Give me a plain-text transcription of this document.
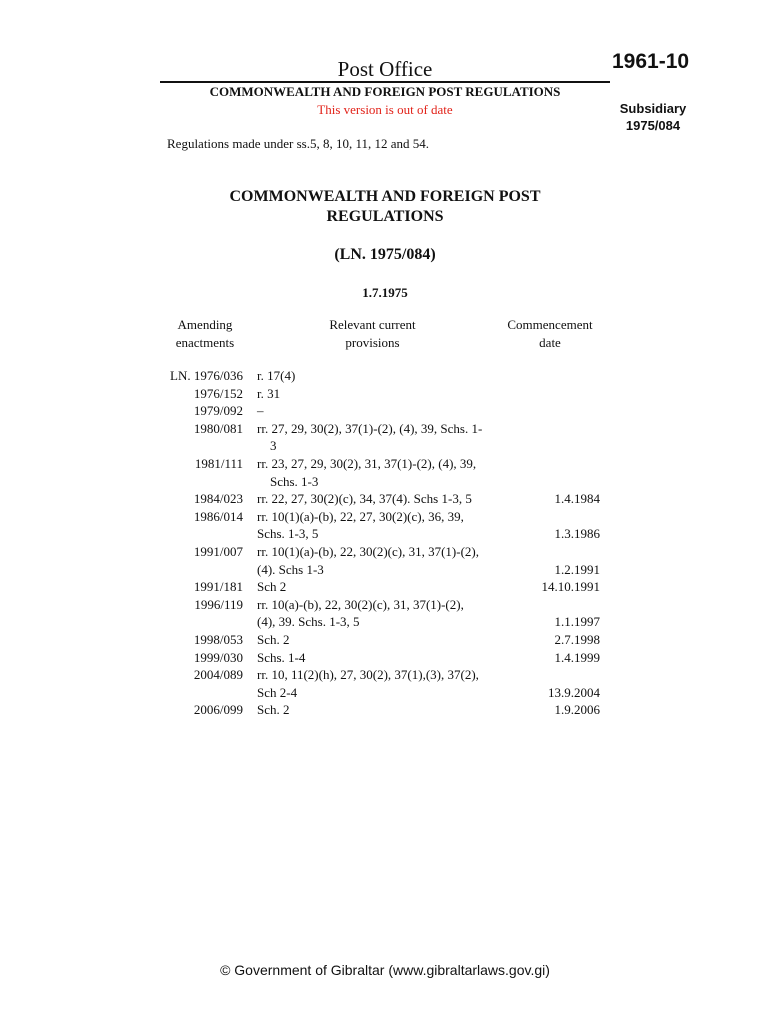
Post Office	1961-10
Subsidiary
1975/084
COMMONWEALTH AND FOREIGN POST REGULATIONS
This version is out of date
Regulations made under ss.5, 8, 10, 11, 12 and 54.
COMMONWEALTH AND FOREIGN POST
REGULATIONS
(LN. 1975/084)
1.7.1975
Amending
enactments
Relevant current
provisions
Commencement
date
LN. 1976/036	r. 17(4)
1976/152	r. 31
1979/092	–
1980/081	rr. 27, 29, 30(2), 37(1)-(2), (4), 39, Schs. 1-
3
1981/111	rr. 23, 27, 29, 30(2), 31, 37(1)-(2), (4), 39,
Schs. 1-3
1984/023	rr. 22, 27, 30(2)(c), 34, 37(4). Schs 1-3, 5	1.4.1984
1986/014	rr. 10(1)(a)-(b), 22, 27, 30(2)(c), 36, 39,
Schs. 1-3, 5	1.3.1986
1991/007	rr. 10(1)(a)-(b), 22, 30(2)(c), 31, 37(1)-(2),
(4). Schs 1-3	1.2.1991
1991/181	Sch 2	14.10.1991
1996/119	rr. 10(a)-(b), 22, 30(2)(c), 31, 37(1)-(2),
(4), 39. Schs. 1-3, 5	1.1.1997
1998/053	Sch. 2	2.7.1998
1999/030	Schs. 1-4	1.4.1999
2004/089	rr. 10, 11(2)(h), 27, 30(2), 37(1),(3), 37(2),
Sch 2-4	13.9.2004
2006/099	Sch. 2	1.9.2006
© Government of Gibraltar (www.gibraltarlaws.gov.gi)
